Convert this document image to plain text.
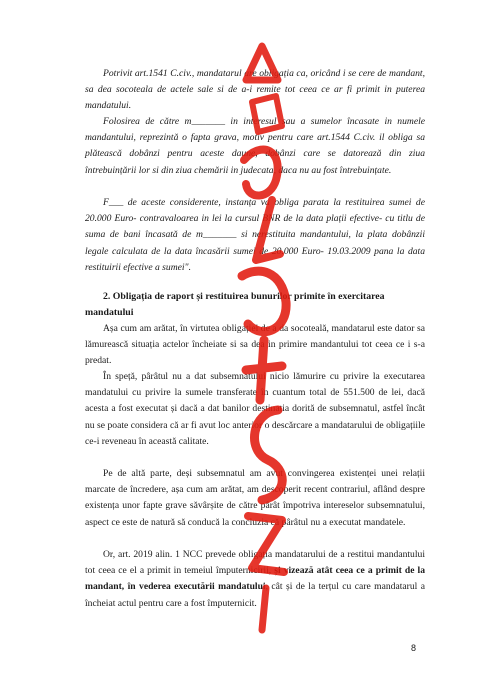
Potrivit art.1541 C.civ., mandatarul are obligația ca, oricând i se cere de mandant, sa dea socoteala de actele sale si de a-i remite tot ceea ce ar fi primit in puterea mandatului.

Folosirea de către m_______ in interesul sau a sumelor încasate in numele mandantului, reprezintă o fapta grava, motiv pentru care art.1544 C.civ. il obliga sa plătească dobânzi pentru aceste daune, dobânzi care se datorează din ziua întrebuințării lor si din ziua chemării in judecata, daca nu au fost întrebuințate.

F___ de aceste considerente, instanța va obliga parata la restituirea sumei de 20.000 Euro- contravaloarea in lei la cursul BNR de la data plații efective- cu titlu de suma de bani încasată de m_______ si nerestituita mandantului, la plata dobânzii legale calculata de la data încasării sumei de 20.000 Euro- 19.03.2009 pana la data restituirii efective a sumei".

2. Obligația de raport și restituirea bunurilor primite în exercitarea mandatului

Așa cum am arătat, în virtutea obligației de a da socoteală, mandatarul este dator sa lămurească situația actelor încheiate si sa dea in primire mandantului tot ceea ce i s-a predat.

În speță, pârâtul nu a dat subsemnatului nicio lămurire cu privire la executarea mandatului cu privire la sumele transferate în cuantum total de 551.500 de lei, dacă acesta a fost executat și dacă a dat banilor destinația dorită de subsemnatul, astfel încât nu se poate considera că ar fi avut loc anterior o descărcare a mandatarului de obligațiile ce-i reveneau în această calitate.

Pe de altă parte, deși subsemnatul am avut convingerea existenței unei relații marcate de încredere, așa cum am arătat, am descoperit recent contrariul, aflând despre existența unor fapte grave săvârșite de către pârât împotriva intereselor subsemnatului, aspect ce este de natură să conducă la concluzia că pârâtul nu a executat mandatele.

Or, art. 2019 alin. 1 NCC prevede obligația mandatarului de a restitui mandantului tot ceea ce el a primit in temeiul împuternicirii, și vizează atât ceea ce a primit de la mandant, în vederea executării mandatului, cât și de la terțul cu care mandatarul a încheiat actul pentru care a fost împuternicit.

8
